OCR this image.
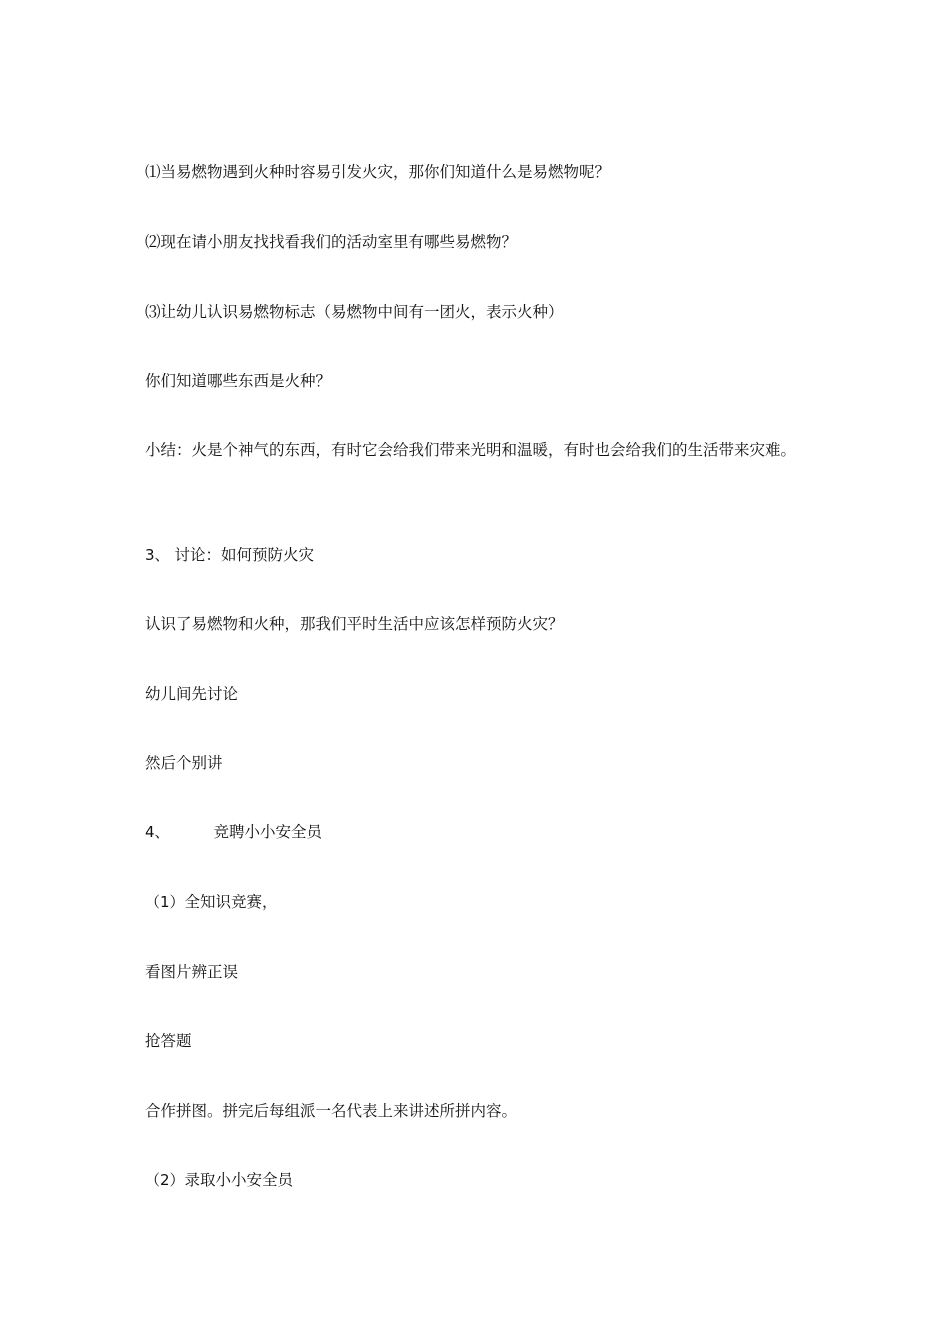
⑴当易燃物遇到火种时容易引发火灾，那你们知道什么是易燃物呢？

⑵现在请小朋友找找看我们的活动室里有哪些易燃物？

⑶让幼儿认识易燃物标志（易燃物中间有一团火，表示火种）

你们知道哪些东西是火种？

小结：火是个神气的东西，有时它会给我们带来光明和温暖，有时也会给我们的生活带来灾难。

3、 讨论：如何预防火灾

认识了易燃物和火种，那我们平时生活中应该怎样预防火灾？

幼儿间先讨论

然后个别讲

4、	竞聘小小安全员

（1）全知识竞赛，

看图片辨正误

抢答题

合作拼图。拼完后每组派一名代表上来讲述所拼内容。

（2）录取小小安全员
